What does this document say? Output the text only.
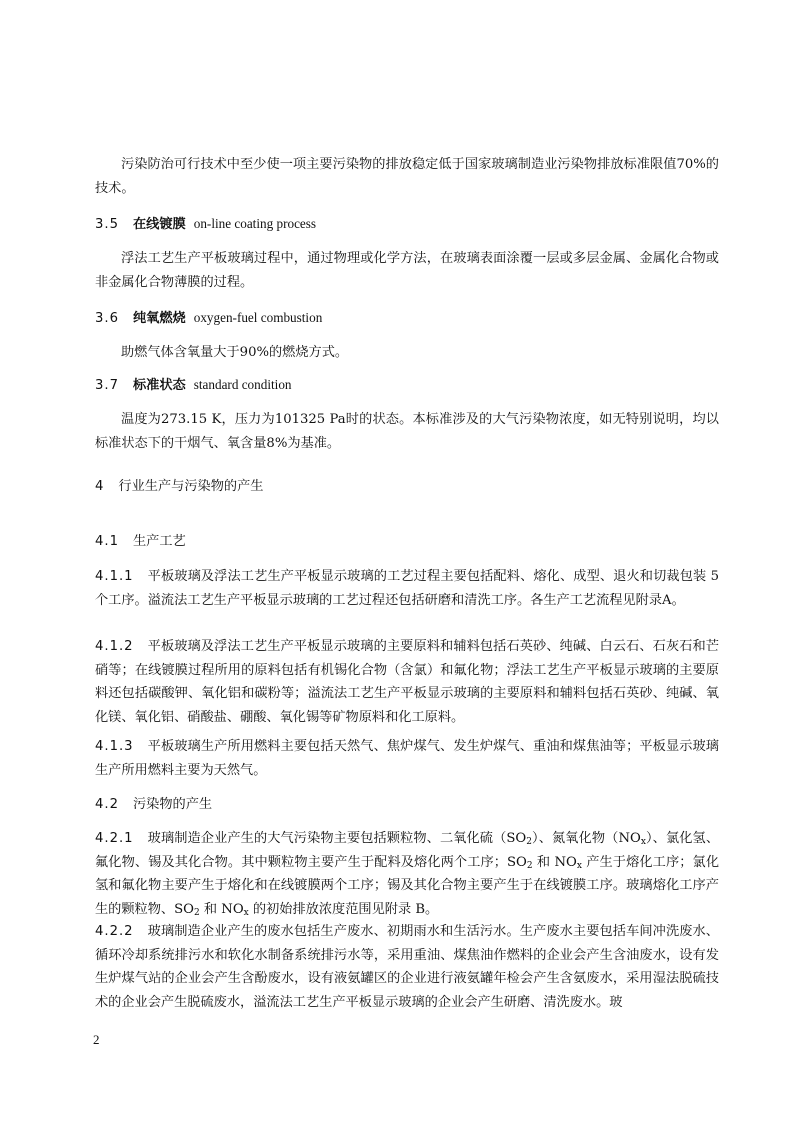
污染防治可行技术中至少使一项主要污染物的排放稳定低于国家玻璃制造业污染物排放标准限值70%的技术。

3.5 在线镀膜 on-line coating process

浮法工艺生产平板玻璃过程中，通过物理或化学方法，在玻璃表面涂覆一层或多层金属、金属化合物或非金属化合物薄膜的过程。

3.6 纯氧燃烧 oxygen-fuel combustion

助燃气体含氧量大于90%的燃烧方式。

3.7 标准状态 standard condition

温度为273.15 K，压力为101325 Pa时的状态。本标准涉及的大气污染物浓度，如无特别说明，均以标准状态下的干烟气、氧含量8%为基准。

4 行业生产与污染物的产生
4.1 生产工艺

4.1.1 平板玻璃及浮法工艺生产平板显示玻璃的工艺过程主要包括配料、熔化、成型、退火和切裁包装 5 个工序。溢流法工艺生产平板显示玻璃的工艺过程还包括研磨和清洗工序。各生产工艺流程见附录A。

4.1.2 平板玻璃及浮法工艺生产平板显示玻璃的主要原料和辅料包括石英砂、纯碱、白云石、石灰石和芒硝等；在线镀膜过程所用的原料包括有机锡化合物（含氯）和氟化物；浮法工艺生产平板显示玻璃的主要原料还包括碳酸钾、氧化铝和碳粉等；溢流法工艺生产平板显示玻璃的主要原料和辅料包括石英砂、纯碱、氧化镁、氧化铝、硝酸盐、硼酸、氧化锡等矿物原料和化工原料。

4.1.3 平板玻璃生产所用燃料主要包括天然气、焦炉煤气、发生炉煤气、重油和煤焦油等；平板显示玻璃生产所用燃料主要为天然气。

4.2 污染物的产生

4.2.1 玻璃制造企业产生的大气污染物主要包括颗粒物、二氧化硫$(SO_2)$、氮氧化物$(NO_x)$、氯化氢、氟化物、锡及其化合物。其中颗粒物主要产生于配料及熔化两个工序；$SO_2$ 和 $NO_x$ 产生于熔化工序；氯化氢和氟化物主要产生于熔化和在线镀膜两个工序；锡及其化合物主要产生于在线镀膜工序。玻璃熔化工序产生的颗粒物、$SO_2$ 和 $NO_x$ 的初始排放浓度范围见附录 B。

4.2.2 玻璃制造企业产生的废水包括生产废水、初期雨水和生活污水。生产废水主要包括车间冲洗废水、循环冷却系统排污水和软化水制备系统排污水等，采用重油、煤焦油作燃料的企业会产生含油废水，设有发生炉煤气站的企业会产生含酚废水，设有液氨罐区的企业进行液氨罐年检会产生含氨废水，采用湿法脱硫技术的企业会产生脱硫废水，溢流法工艺生产平板显示玻璃的企业会产生研磨、清洗废水。玻

2
